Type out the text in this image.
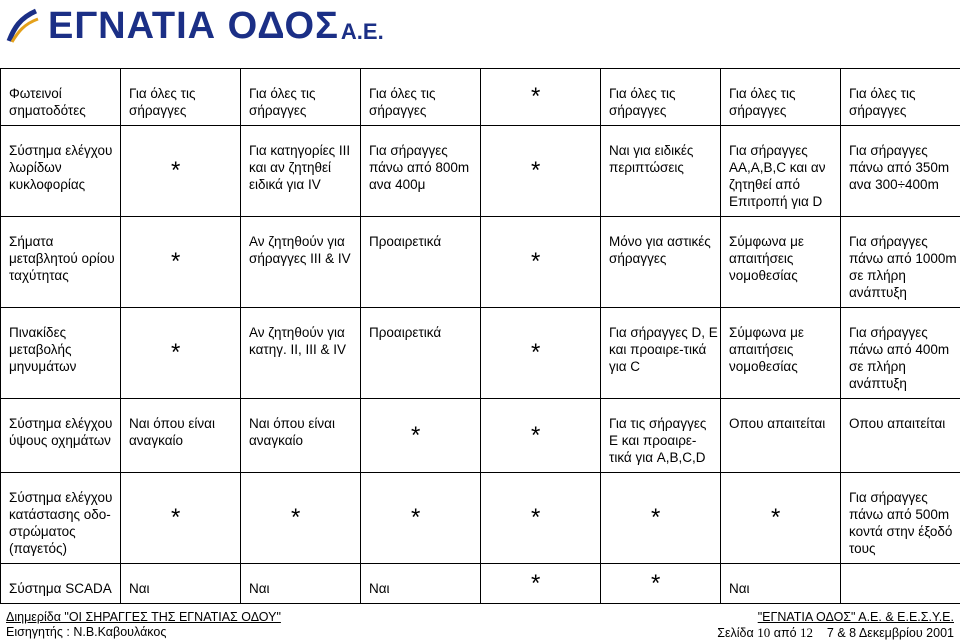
ΕΓΝΑΤΙΑ ΟΔΟΣ Α.Ε.
Φωτεινοί σηματοδότες	Για όλες τις σήραγγες	Για όλες τις σήραγγες	Για όλες τις σήραγγες	*	Για όλες τις σήραγγες	Για όλες τις σήραγγες	Για όλες τις σήραγγες
Σύστημα ελέγχου λωρίδων κυκλοφορίας	*	Για κατηγορίες III και αν ζητηθεί ειδικά για IV	Για σήραγγες πάνω από 800m ανα 400μ	*	Ναι για ειδικές περιπτώσεις	Για σήραγγες AA,A,B,C και αν ζητηθεί από Επιτροπή για D	Για σήραγγες πάνω από 350m ανα 300÷400m
Σήματα μεταβλητού ορίου ταχύτητας	*	Αν ζητηθούν για σήραγγες III & IV	Προαιρετικά	*	Μόνο για αστικές σήραγγες	Σύμφωνα με απαιτήσεις νομοθεσίας	Για σήραγγες πάνω από 1000m σε πλήρη ανάπτυξη
Πινακίδες μεταβολής μηνυμάτων	*	Αν ζητηθούν για κατηγ. II, III & IV	Προαιρετικά	*	Για σήραγγες D, E και προαιρε-τικά για C	Σύμφωνα με απαιτήσεις νομοθεσίας	Για σήραγγες πάνω από 400m σε πλήρη ανάπτυξη
Σύστημα ελέγχου ύψους οχημάτων	Ναι όπου είναι αναγκαίο	Ναι όπου είναι αναγκαίο	*	*	Για τις σήραγγες Ε και προαιρε-τικά για A,B,C,D	Οπου απαιτείται	Οπου απαιτείται
Σύστημα ελέγχου κατάστασης οδο-στρώματος (παγετός)	*	*	*	*	*	*	Για σήραγγες πάνω από 500m κοντά στην έξοδό τους
Σύστημα SCADA	Ναι	Ναι	Ναι	*	*	Ναι	
Διημερίδα "ΟΙ ΣΗΡΑΓΓΕΣ ΤΗΣ ΕΓΝΑΤΙΑΣ ΟΔΟΥ"	"ΕΓΝΑΤΙΑ ΟΔΟΣ" Α.Ε. & Ε.Ε.Σ.Υ.Ε.
Εισηγητής : Ν.Β.Καβουλάκος	Σελίδα 10 από 12 7 & 8 Δεκεμβρίου 2001
